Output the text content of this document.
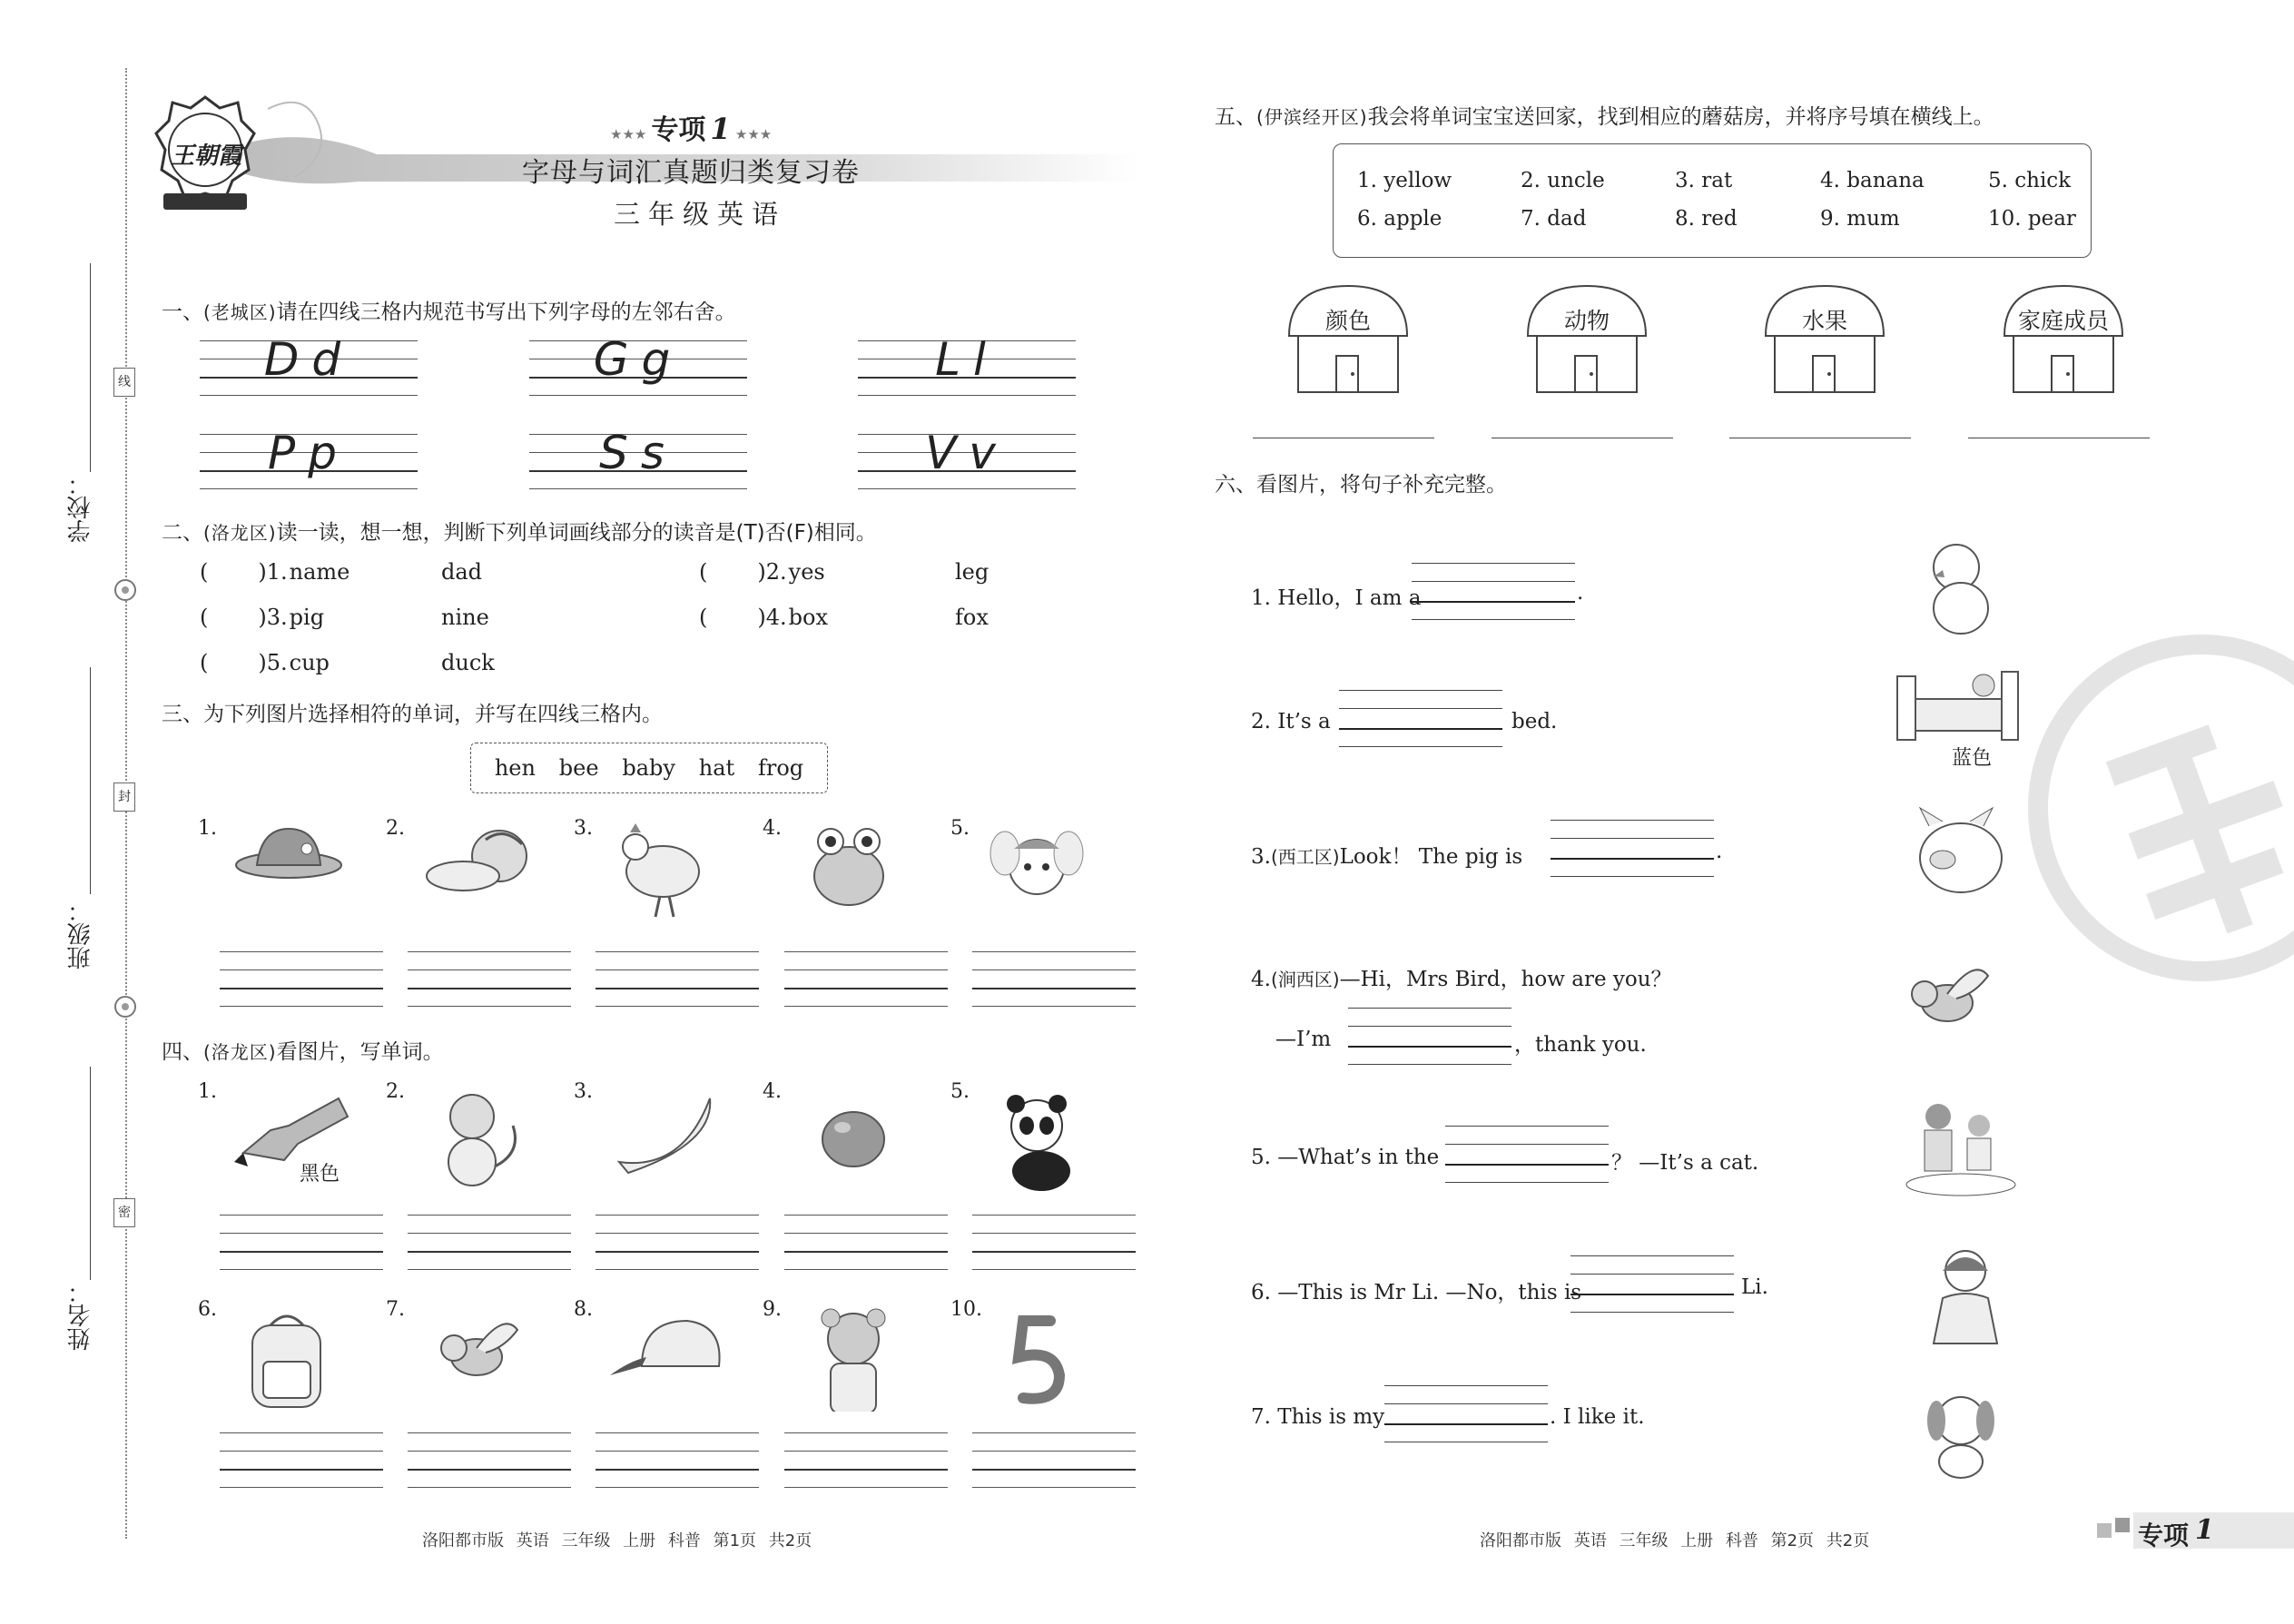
学校：
班级：
姓名：
线
封
密
王朝霞
★★★ 专项 1 ★★★
字母与词汇真题归类复习卷
三年级英语
一、(老城区)请在四线三格内规范书写出下列字母的左邻右舍。
Dd	Gg	Ll
Pp	Ss	Vv
二、(洛龙区)读一读，想一想，判断下列单词画线部分的读音是(T)否(F)相同。
( )1.name	dad	( )2.yes	leg
( )3.pig	nine	( )4.box	fox
( )5.cup	duck
三、为下列图片选择相符的单词，并写在四线三格内。
hen bee baby hat frog
1.	2.	3.	4.	5.
四、(洛龙区)看图片，写单词。
1.	2.	3.	4.	5.
6.	7.	8.	9.	10.
黑色
洛阳都市版 英语 三年级 上册 科普 第1页 共2页
五、(伊滨经开区)我会将单词宝宝送回家，找到相应的蘑菇房，并将序号填在横线上。
1. yellow	2. uncle	3. rat	4. banana	5. chick
6. apple	7. dad	8. red	9. mum	10. pear
颜色	动物	水果	家庭成员
六、看图片，将句子补充完整。
1. Hello，I am a	.
2. It’s a	bed.
3.(西工区)Look！ The pig is	.
4.(涧西区)—Hi，Mrs Bird，how are you？
—I’m	，thank you.
5. —What’s in the	？ —It’s a cat.
6. —This is Mr Li. —No，this is	Li.
7. This is my	. I like it.
蓝色
洛阳都市版 英语 三年级 上册 科普 第2页 共2页	专项 1
